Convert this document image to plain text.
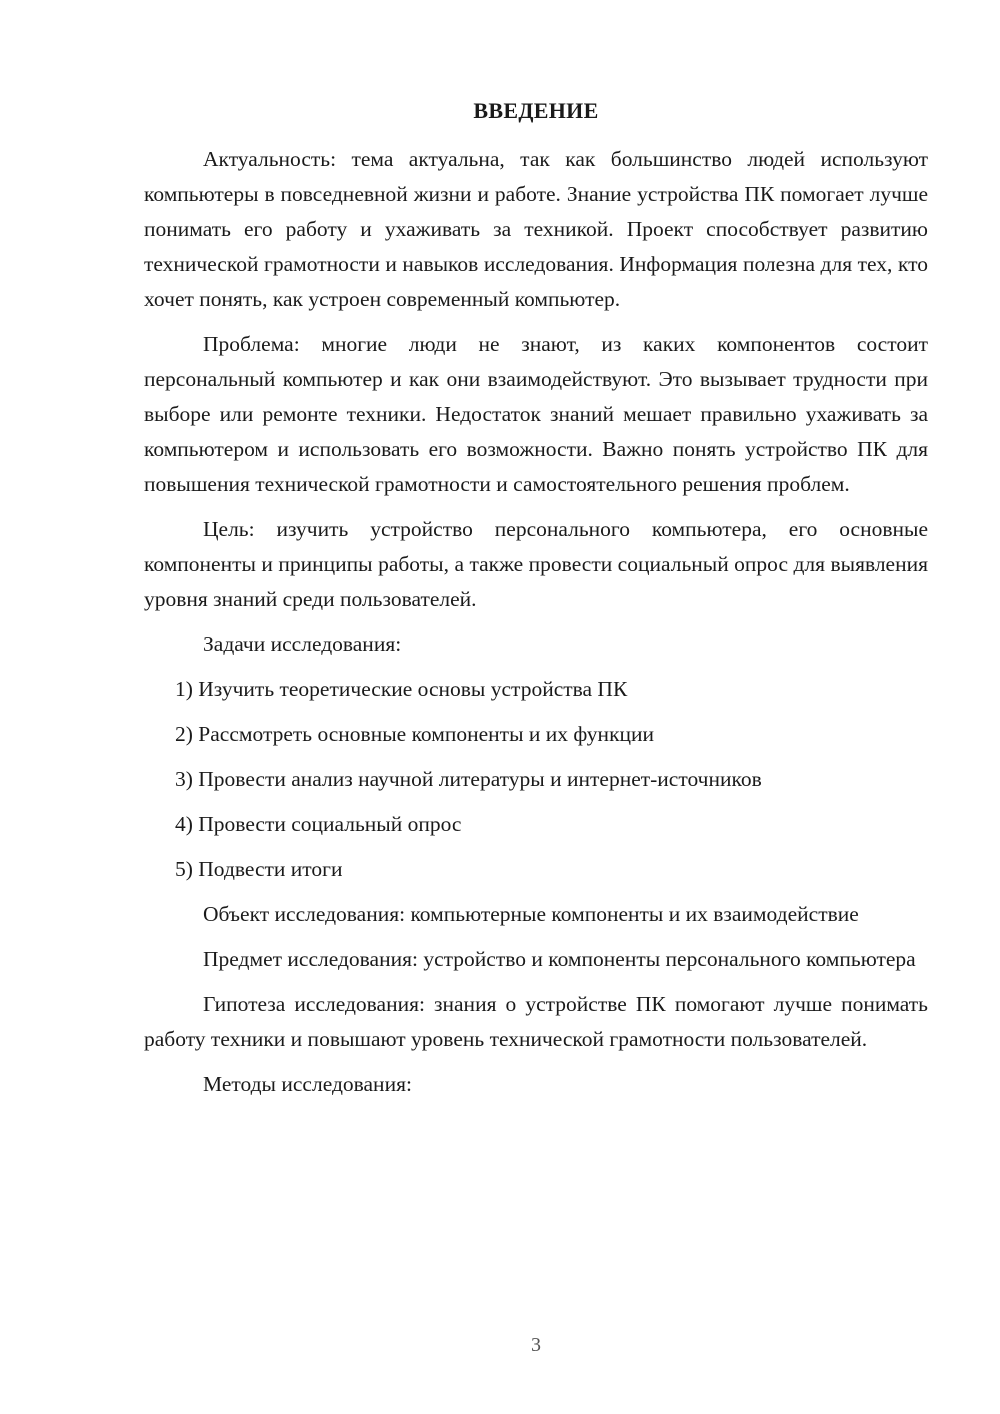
ВВЕДЕНИЕ

Актуальность: тема актуальна, так как большинство людей используют компьютеры в повседневной жизни и работе. Знание устройства ПК помогает лучше понимать его работу и ухаживать за техникой. Проект способствует развитию технической грамотности и навыков исследования. Информация полезна для тех, кто хочет понять, как устроен современный компьютер.

Проблема: многие люди не знают, из каких компонентов состоит персональный компьютер и как они взаимодействуют. Это вызывает трудности при выборе или ремонте техники. Недостаток знаний мешает правильно ухаживать за компьютером и использовать его возможности. Важно понять устройство ПК для повышения технической грамотности и самостоятельного решения проблем.

Цель: изучить устройство персонального компьютера, его основные компоненты и принципы работы, а также провести социальный опрос для выявления уровня знаний среди пользователей.

Задачи исследования:

1) Изучить теоретические основы устройства ПК
2) Рассмотреть основные компоненты и их функции
3) Провести анализ научной литературы и интернет-источников
4) Провести социальный опрос
5) Подвести итоги

Объект исследования: компьютерные компоненты и их взаимодействие

Предмет исследования: устройство и компоненты персонального компьютера

Гипотеза исследования: знания о устройстве ПК помогают лучше понимать работу техники и повышают уровень технической грамотности пользователей.

Методы исследования:

3
